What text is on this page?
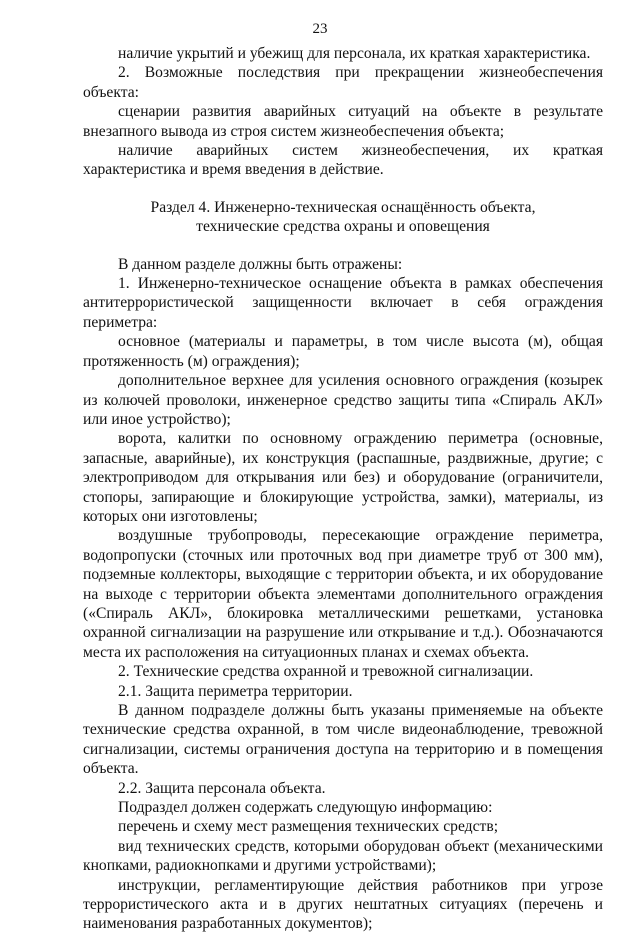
23

наличие укрытий и убежищ для персонала, их краткая характеристика.

2. Возможные последствия при прекращении жизнеобеспечения объекта:

сценарии развития аварийных ситуаций на объекте в результате внезапного вывода из строя систем жизнеобеспечения объекта;

наличие аварийных систем жизнеобеспечения, их краткая характеристика и время введения в действие.

Раздел 4. Инженерно-техническая оснащённость объекта,
технические средства охраны и оповещения

В данном разделе должны быть отражены:

1. Инженерно-техническое оснащение объекта в рамках обеспечения антитеррористической защищенности включает в себя ограждения периметра:

основное (материалы и параметры, в том числе высота (м), общая протяженность (м) ограждения);

дополнительное верхнее для усиления основного ограждения (козырек из колючей проволоки, инженерное средство защиты типа «Спираль АКЛ» или иное устройство);

ворота, калитки по основному ограждению периметра (основные, запасные, аварийные), их конструкция (распашные, раздвижные, другие; с электроприводом для открывания или без) и оборудование (ограничители, стопоры, запирающие и блокирующие устройства, замки), материалы, из которых они изготовлены;

воздушные трубопроводы, пересекающие ограждение периметра, водопропуски (сточных или проточных вод при диаметре труб от 300 мм), подземные коллекторы, выходящие с территории объекта, и их оборудование на выходе с территории объекта элементами дополнительного ограждения («Спираль АКЛ», блокировка металлическими решетками, установка охранной сигнализации на разрушение или открывание и т.д.). Обозначаются места их расположения на ситуационных планах и схемах объекта.

2. Технические средства охранной и тревожной сигнализации.

2.1. Защита периметра территории.

В данном подразделе должны быть указаны применяемые на объекте технические средства охранной, в том числе видеонаблюдение, тревожной сигнализации, системы ограничения доступа на территорию и в помещения объекта.

2.2. Защита персонала объекта.

Подраздел должен содержать следующую информацию:

перечень и схему мест размещения технических средств;

вид технических средств, которыми оборудован объект (механическими кнопками, радиокнопками и другими устройствами);

инструкции, регламентирующие действия работников при угрозе террористического акта и в других нештатных ситуациях (перечень и наименования разработанных документов);
